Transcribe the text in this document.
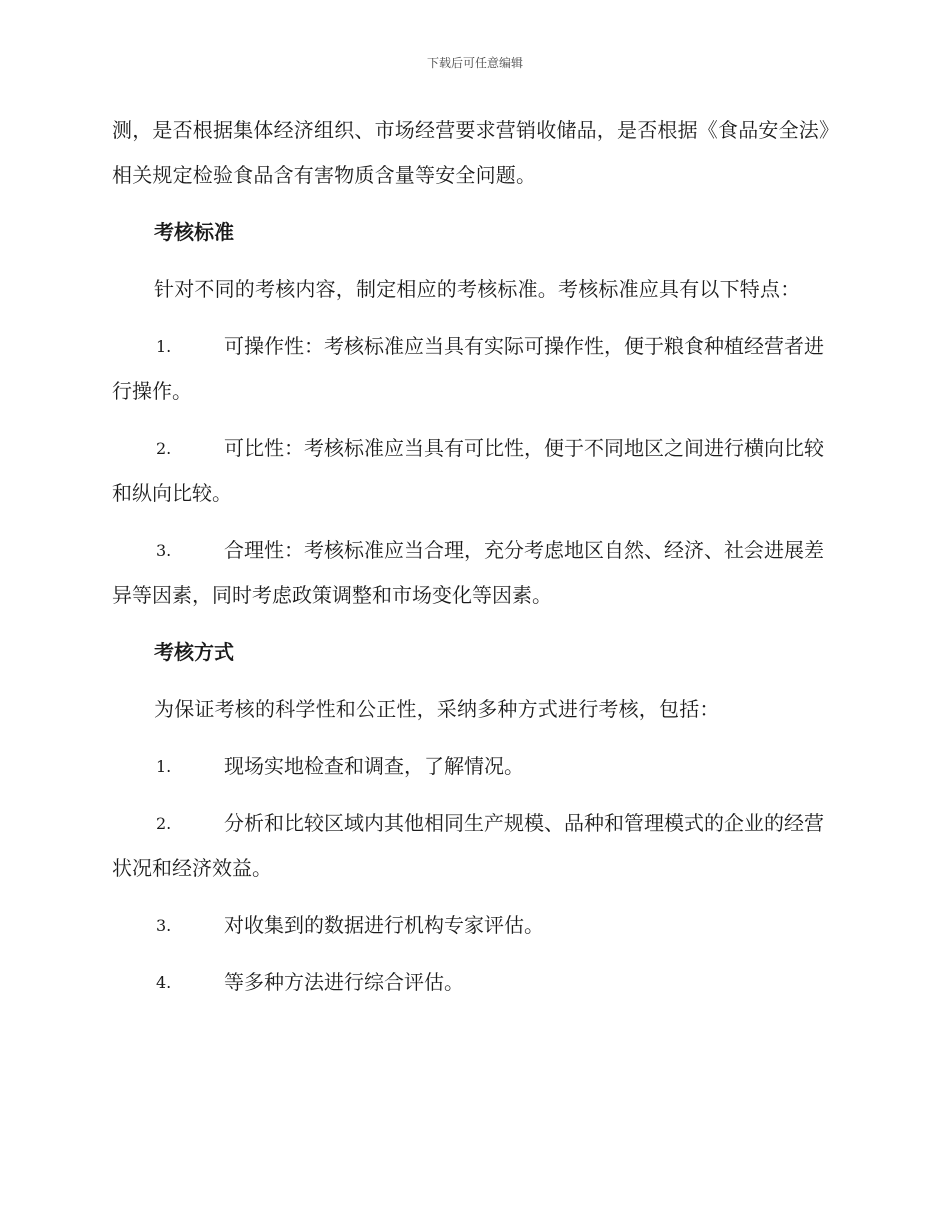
下载后可任意编辑

测，是否根据集体经济组织、市场经营要求营销收储品，是否根据《食品安全法》相关规定检验食品含有害物质含量等安全问题。

考核标准

针对不同的考核内容，制定相应的考核标准。考核标准应具有以下特点：

1.	可操作性：考核标准应当具有实际可操作性，便于粮食种植经营者进行操作。

2.	可比性：考核标准应当具有可比性，便于不同地区之间进行横向比较和纵向比较。

3.	合理性：考核标准应当合理，充分考虑地区自然、经济、社会进展差异等因素，同时考虑政策调整和市场变化等因素。

考核方式

为保证考核的科学性和公正性，采纳多种方式进行考核，包括：

1.	现场实地检查和调查，了解情况。

2.	分析和比较区域内其他相同生产规模、品种和管理模式的企业的经营状况和经济效益。

3.	对收集到的数据进行机构专家评估。

4.	等多种方法进行综合评估。
